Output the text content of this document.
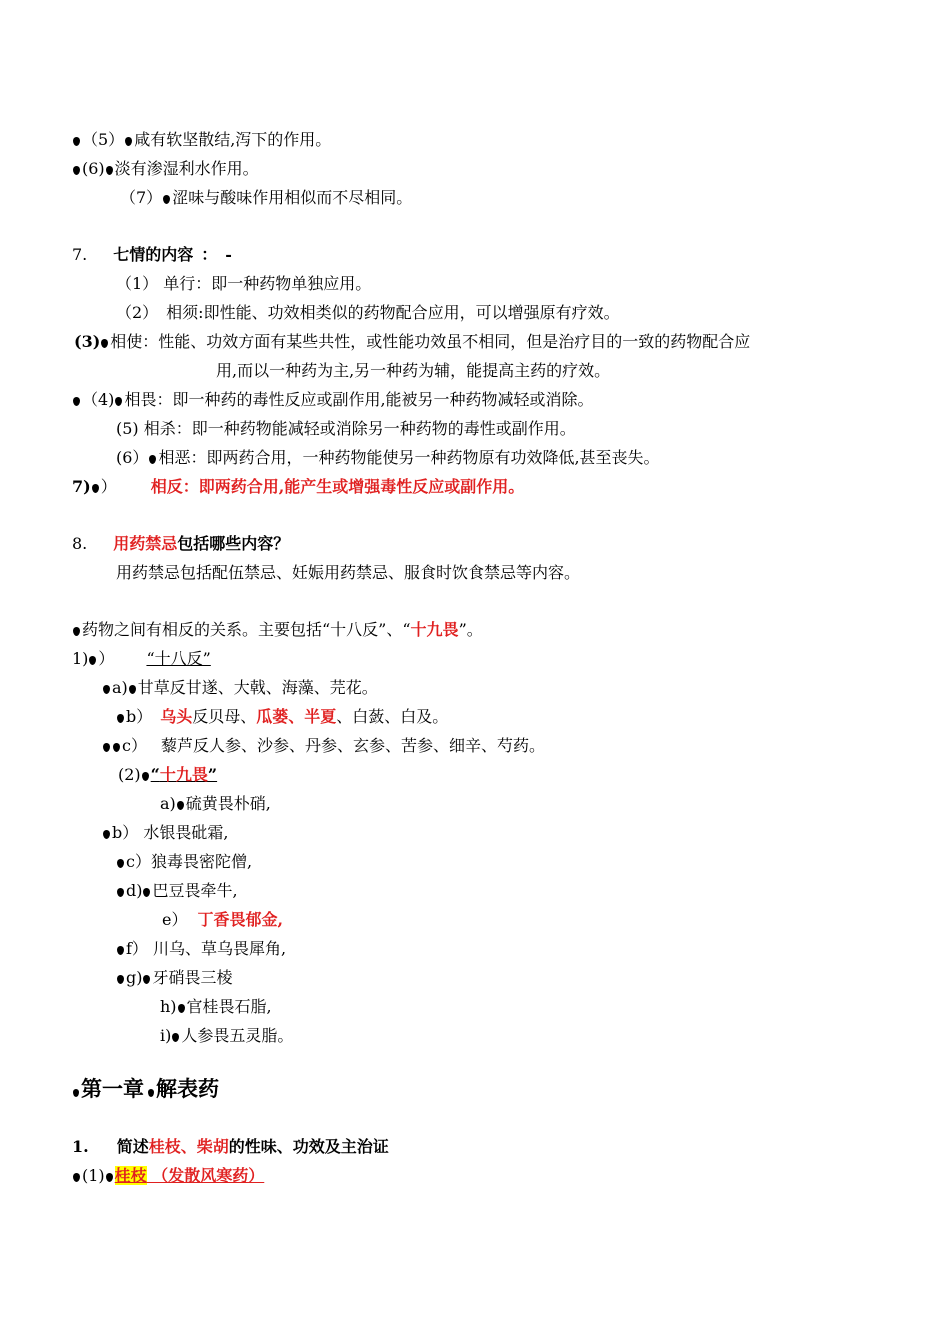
（5） 咸有软坚散结,泻下的作用。
(6) 淡有渗湿利水作用。
（7） 涩味与酸味作用相似而不尽相同。
7. 七情的内容 ：　-
（1） 单行：即一种药物单独应用。
（2）　相须:即性能、功效相类似的药物配合应用，可以增强原有疗效。
(3) 相使：性能、功效方面有某些共性，或性能功效虽不相同，但是治疗目的一致的药物配合应
用,而以一种药为主,另一种药为辅，能提高主药的疗效。
（4) 相畏：即一种药的毒性反应或副作用,能被另一种药物减轻或消除。
(5) 相杀：即一种药物能减轻或消除另一种药物的毒性或副作用。
(6） 相恶：即两药合用，一种药物能使另一种药物原有功效降低,甚至丧失。
7) ） 相反：即两药合用,能产生或增强毒性反应或副作用。
8. 用药禁忌包括哪些内容？
用药禁忌包括配伍禁忌、妊娠用药禁忌、服食时饮食禁忌等内容。
药物之间有相反的关系。主要包括“十八反”、“十九畏”。
1) ） “十八反”
a) 甘草反甘遂、大戟、海藻、芫花。
b） 乌头反贝母、瓜蒌、半夏、白蔹、白及。
c） 藜芦反人参、沙参、丹参、玄参、苦参、细辛、芍药。
(2) “十九畏”
a) 硫黄畏朴硝,
b） 水银畏砒霜,
c）狼毒畏密陀僧,
d) 巴豆畏牵牛,
e） 丁香畏郁金,
f） 川乌、草乌畏犀角,
g) 牙硝畏三棱
h) 官桂畏石脂,
i) 人参畏五灵脂。
第一章 解表药
1. 简述桂枝、柴胡的性味、功效及主治证
(1) 桂枝 （发散风寒药）
